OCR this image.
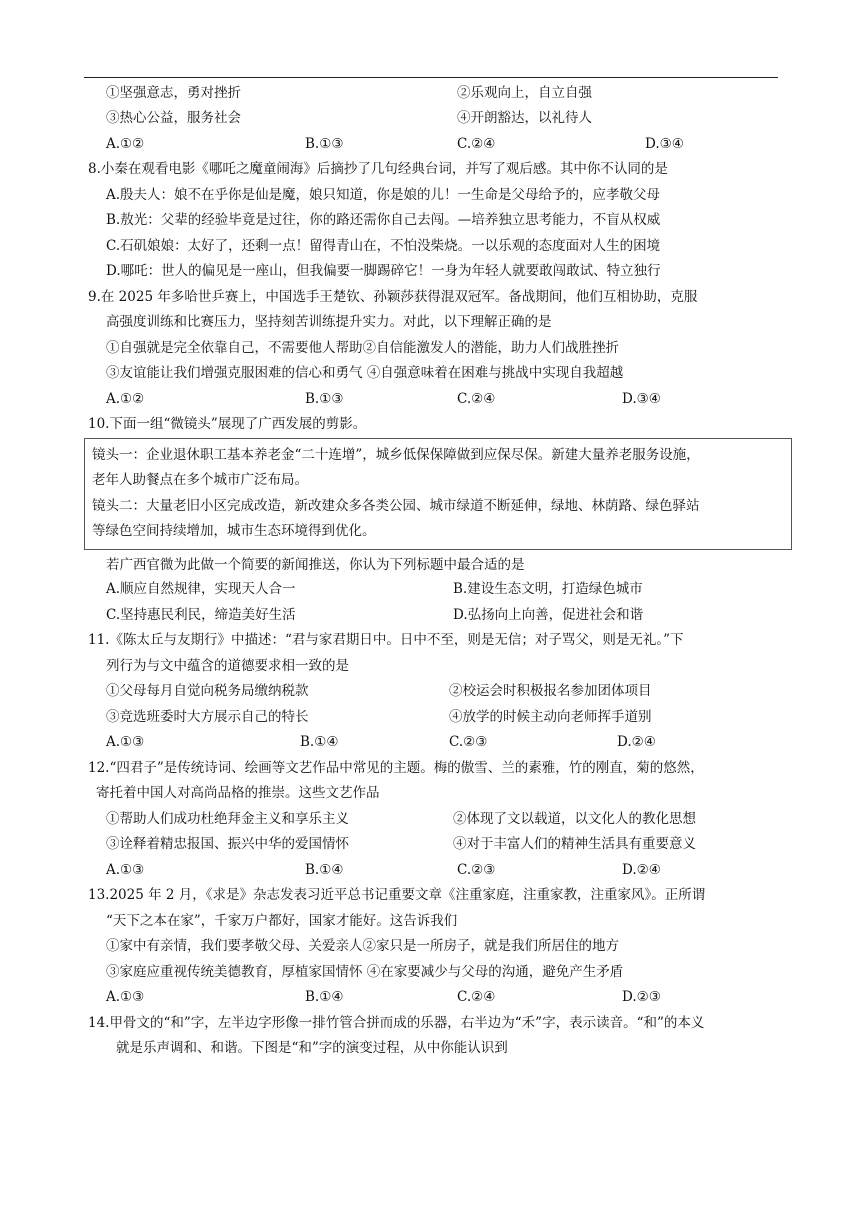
①坚强意志，勇对挫折	②乐观向上，自立自强
③热心公益，服务社会	④开朗豁达，以礼待人
A.①②	B.①③	C.②④	D.③④
8.小秦在观看电影《哪吒之魔童闹海》后摘抄了几句经典台词，并写了观后感。其中你不认同的是
A.殷夫人：娘不在乎你是仙是魔，娘只知道，你是娘的儿！一生命是父母给予的，应孝敬父母
B.敖光：父辈的经验毕竟是过往，你的路还需你自己去闯。—培养独立思考能力，不盲从权威
C.石矶娘娘：太好了，还剩一点！留得青山在，不怕没柴烧。一以乐观的态度面对人生的困境
D.哪吒：世人的偏见是一座山，但我偏要一脚踢碎它！一身为年轻人就要敢闯敢试、特立独行
9.在 2025 年多哈世乒赛上，中国选手王楚钦、孙颖莎获得混双冠军。备战期间，他们互相协助，克服
高强度训练和比赛压力，坚持刻苦训练提升实力。对此，以下理解正确的是
①自强就是完全依靠自己，不需要他人帮助②自信能激发人的潜能，助力人们战胜挫折
③友谊能让我们增强克服困难的信心和勇气 ④自强意味着在困难与挑战中实现自我超越
A.①②	B.①③	C.②④	D.③④
10.下面一组“微镜头”展现了广西发展的剪影。
镜头一：企业退休职工基本养老金“二十连增”，城乡低保保障做到应保尽保。新建大量养老服务设施，
老年人助餐点在多个城市广泛布局。
镜头二：大量老旧小区完成改造，新改建众多各类公园、城市绿道不断延伸，绿地、林荫路、绿色驿站
等绿色空间持续增加，城市生态环境得到优化。
若广西官微为此做一个简要的新闻推送，你认为下列标题中最合适的是
A.顺应自然规律，实现天人合一	B.建设生态文明，打造绿色城市
C.坚持惠民利民，缔造美好生活	D.弘扬向上向善，促进社会和谐
11.《陈太丘与友期行》中描述：“君与家君期日中。日中不至，则是无信；对子骂父，则是无礼。”下
列行为与文中蕴含的道德要求相一致的是
①父母每月自觉向税务局缴纳税款	②校运会时积极报名参加团体项目
③竞选班委时大方展示自己的特长	④放学的时候主动向老师挥手道别
A.①③	B.①④	C.②③	D.②④
12.“四君子”是传统诗词、绘画等文艺作品中常见的主题。梅的傲雪、兰的素雅，竹的刚直，菊的悠然，
寄托着中国人对高尚品格的推崇。这些文艺作品
①帮助人们成功杜绝拜金主义和享乐主义	②体现了文以载道，以文化人的教化思想
③诠释着精忠报国、振兴中华的爱国情怀	④对于丰富人们的精神生活具有重要意义
A.①③	B.①④	C.②③	D.②④
13.2025 年 2 月，《求是》杂志发表习近平总书记重要文章《注重家庭，注重家教，注重家风》。正所谓
“天下之本在家”，千家万户都好，国家才能好。这告诉我们
①家中有亲情，我们要孝敬父母、关爱亲人②家只是一所房子，就是我们所居住的地方
③家庭应重视传统美德教育，厚植家国情怀 ④在家要减少与父母的沟通，避免产生矛盾
A.①③	B.①④	C.②④	D.②③
14.甲骨文的“和”字，左半边字形像一排竹管合拼而成的乐器，右半边为“禾”字，表示读音。“和”的本义
就是乐声调和、和谐。下图是“和”字的演变过程，从中你能认识到
